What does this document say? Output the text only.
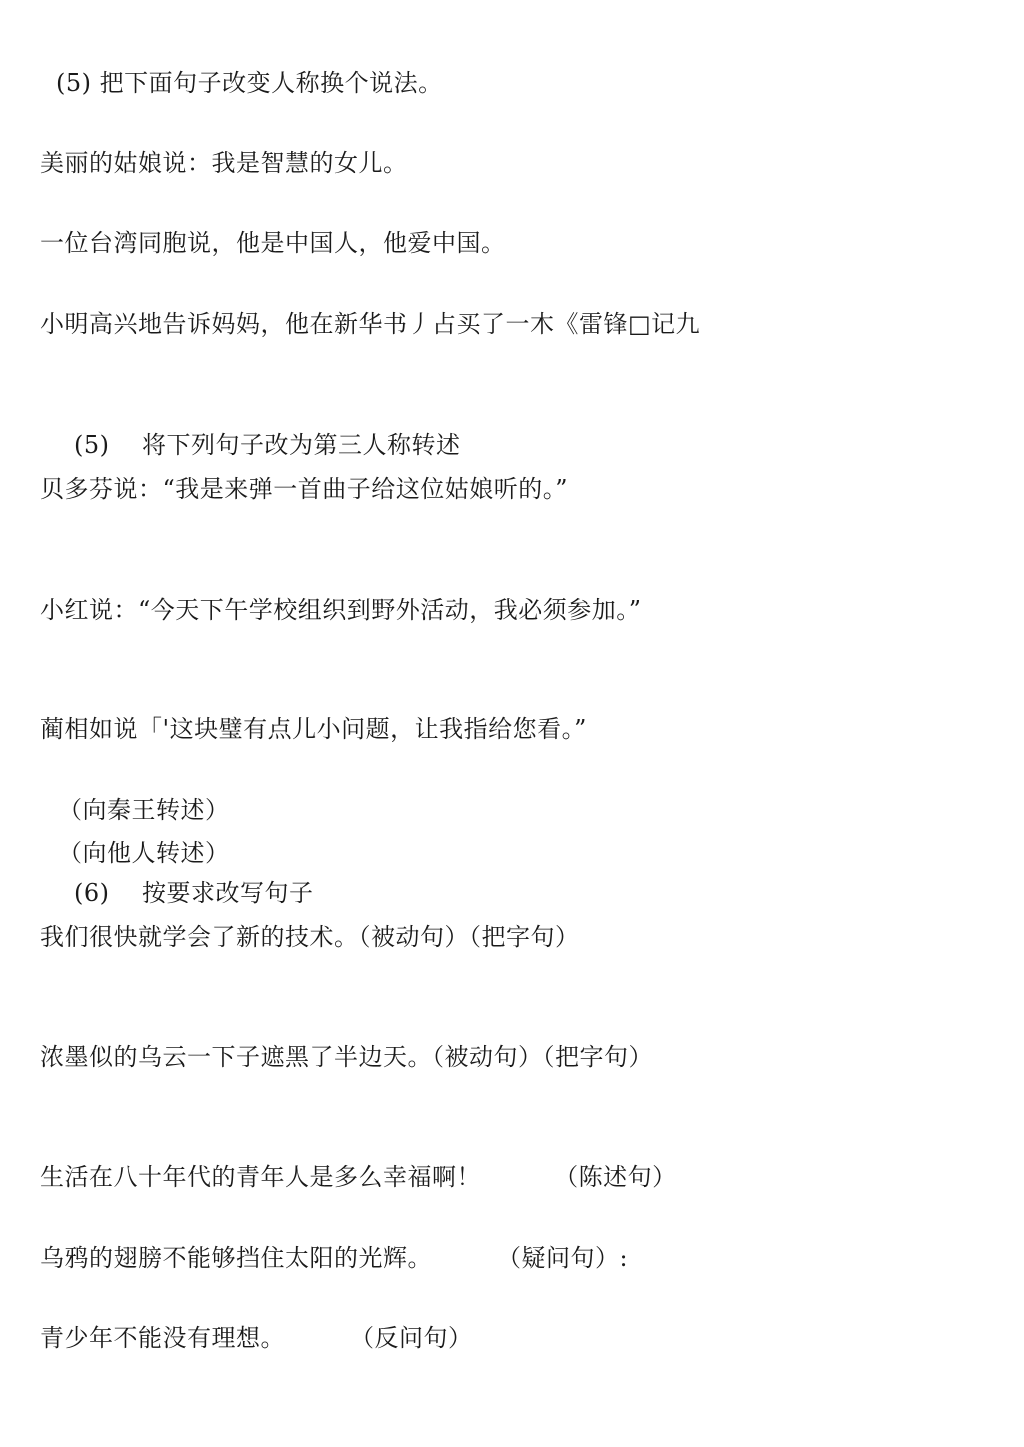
(5) 把下面句子改变人称换个说法。
美丽的姑娘说：我是智慧的女儿。
一位台湾同胞说，他是中国人，他爱中国。
小明高兴地告诉妈妈，他在新华书丿占买了一木《雷锋□记九
(5)    将下列句子改为第三人称转述
贝多芬说：“我是来弹一首曲子给这位姑娘听的。”
小红说：“今天下午学校组织到野外活动，我必须参加。”
蔺相如说「'这块璧有点儿小问题，让我指给您看。”
（向秦王转述）
（向他人转述）
(6)    按要求改写句子
我们很快就学会了新的技术。（被动句）（把字句）
浓墨似的乌云一下子遮黑了半边天。（被动句）（把字句）
生活在八十年代的青年人是多么幸福啊！         （陈述句）
乌鸦的翅膀不能够挡住太阳的光辉。        （疑问句）:
青少年不能没有理想。        （反问句）
